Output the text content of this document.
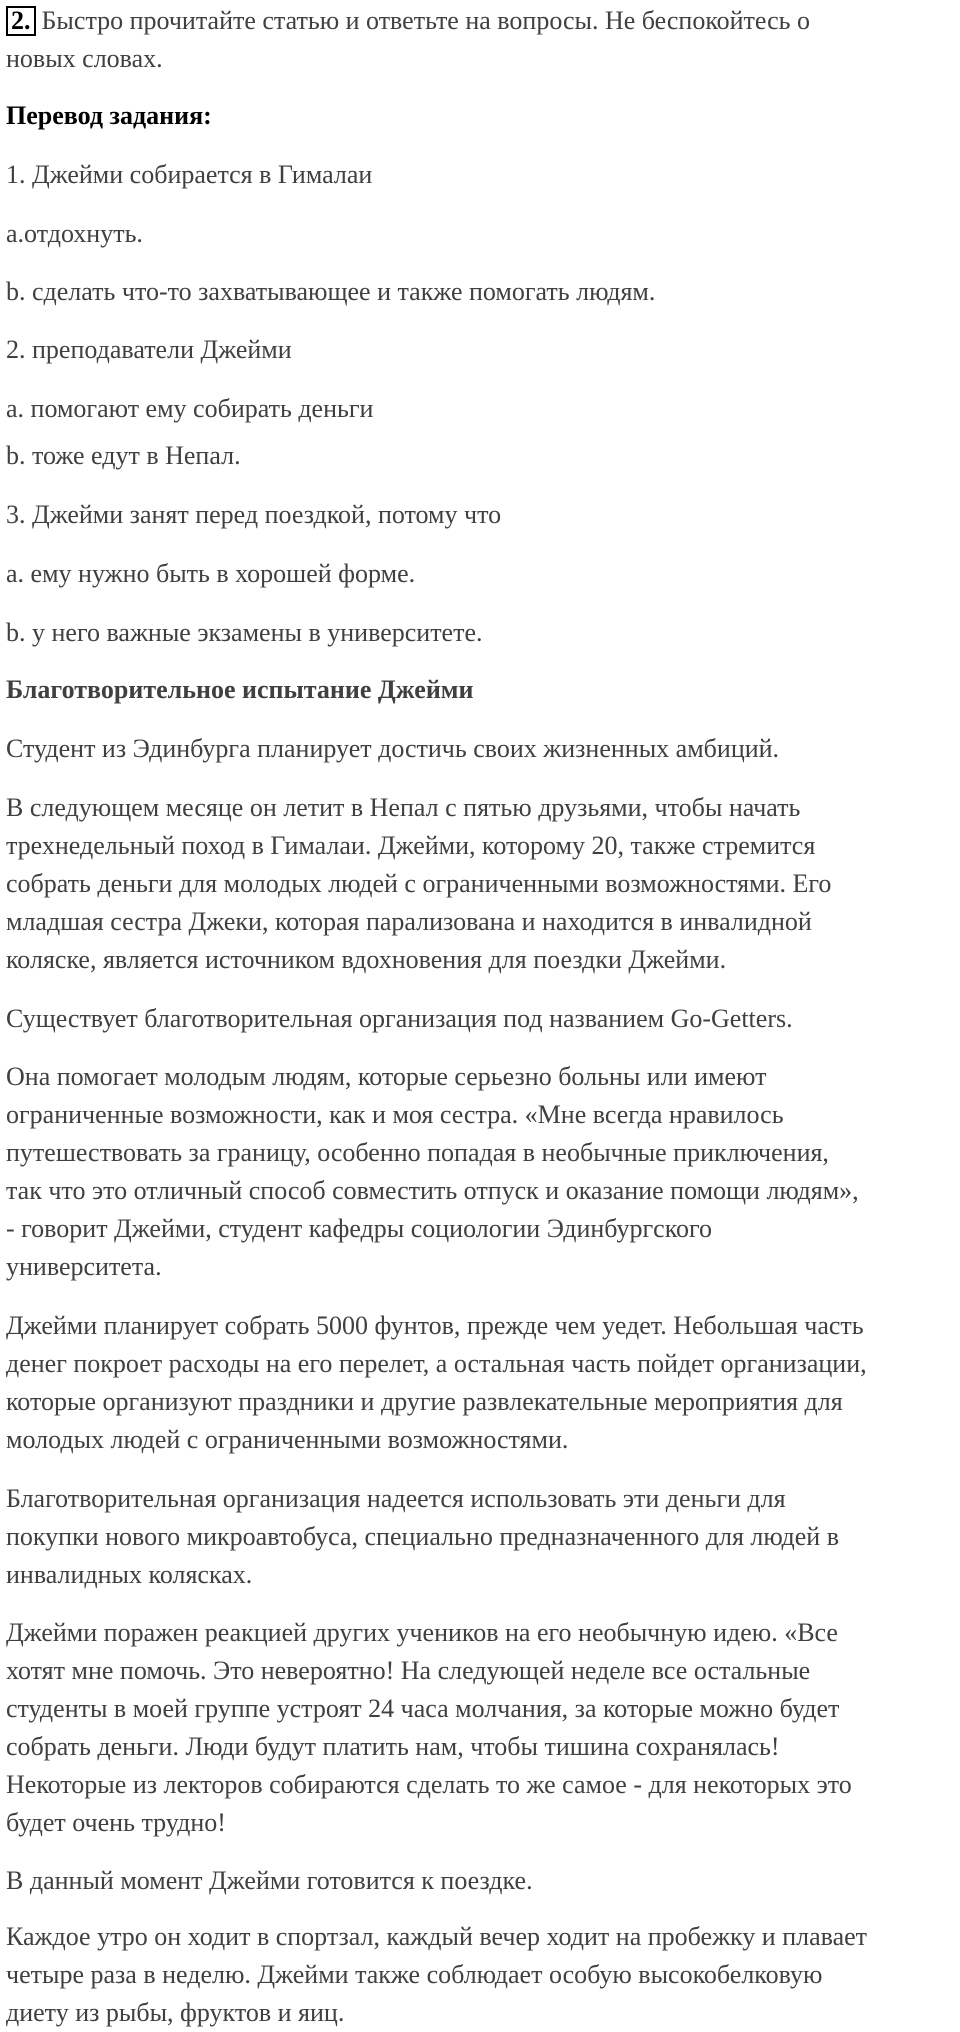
2. Быстро прочитайте статью и ответьте на вопросы. Не беспокойтесь о
новых словах.
Перевод задания:
1. Джейми собирается в Гималаи
a.отдохнуть.
b. сделать что-то захватывающее и также помогать людям.
2. преподаватели Джейми
a. помогают ему собирать деньги
b. тоже едут в Непал.
3. Джейми занят перед поездкой, потому что
a. ему нужно быть в хорошей форме.
b. у него важные экзамены в университете.
Благотворительное испытание Джейми
Студент из Эдинбурга планирует достичь своих жизненных амбиций.
В следующем месяце он летит в Непал с пятью друзьями, чтобы начать
трехнедельный поход в Гималаи. Джейми, которому 20, также стремится
собрать деньги для молодых людей с ограниченными возможностями. Его
младшая сестра Джеки, которая парализована и находится в инвалидной
коляске, является источником вдохновения для поездки Джейми.
Существует благотворительная организация под названием Go-Getters.
Она помогает молодым людям, которые серьезно больны или имеют
ограниченные возможности, как и моя сестра. «Мне всегда нравилось
путешествовать за границу, особенно попадая в необычные приключения,
так что это отличный способ совместить отпуск и оказание помощи людям»,
- говорит Джейми, студент кафедры социологии Эдинбургского
университета.
Джейми планирует собрать 5000 фунтов, прежде чем уедет. Небольшая часть
денег покроет расходы на его перелет, а остальная часть пойдет организации,
которые организуют праздники и другие развлекательные мероприятия для
молодых людей с ограниченными возможностями.
Благотворительная организация надеется использовать эти деньги для
покупки нового микроавтобуса, специально предназначенного для людей в
инвалидных колясках.
Джейми поражен реакцией других учеников на его необычную идею. «Все
хотят мне помочь. Это невероятно! На следующей неделе все остальные
студенты в моей группе устроят 24 часа молчания, за которые можно будет
собрать деньги. Люди будут платить нам, чтобы тишина сохранялась!
Некоторые из лекторов собираются сделать то же самое - для некоторых это
будет очень трудно!
В данный момент Джейми готовится к поездке.
Каждое утро он ходит в спортзал, каждый вечер ходит на пробежку и плавает
четыре раза в неделю. Джейми также соблюдает особую высокобелковую
диету из рыбы, фруктов и яиц.
